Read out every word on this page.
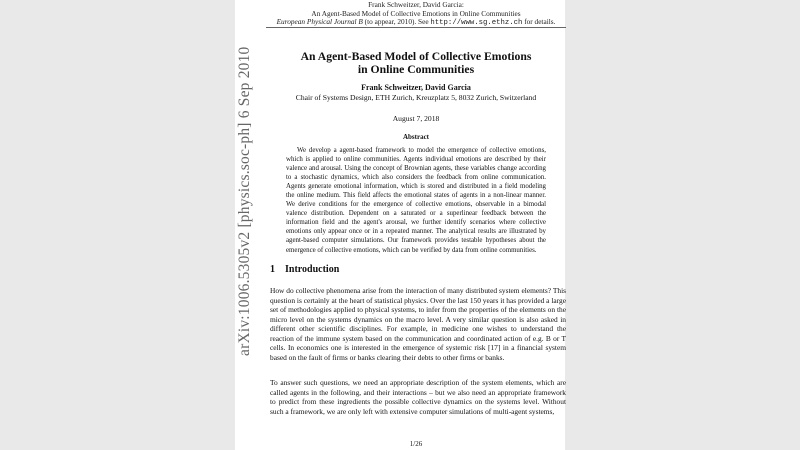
arXiv:1006.5305v2 [physics.soc-ph] 6 Sep 2010
Frank Schweitzer, David Garcia:
An Agent-Based Model of Collective Emotions in Online Communities
European Physical Journal B (to appear, 2010). See http://www.sg.ethz.ch for details.
An Agent-Based Model of Collective Emotions
in Online Communities
Frank Schweitzer, David Garcia
Chair of Systems Design, ETH Zurich, Kreuzplatz 5, 8032 Zurich, Switzerland
August 7, 2018
Abstract
We develop a agent-based framework to model the emergence of collective emotions, which is applied to online communities. Agents individual emotions are described by their valence and arousal. Using the concept of Brownian agents, these variables change according to a stochastic dynamics, which also considers the feedback from online communication. Agents generate emotional information, which is stored and distributed in a field modeling the online medium. This field affects the emotional states of agents in a non-linear manner. We derive conditions for the emergence of collective emotions, observable in a bimodal valence distribution. Dependent on a saturated or a superlinear feedback between the information field and the agent's arousal, we further identify scenarios where collective emotions only appear once or in a repeated manner. The analytical results are illustrated by agent-based computer simulations. Our framework provides testable hypotheses about the emergence of collective emotions, which can be verified by data from online communities.
1 Introduction
How do collective phenomena arise from the interaction of many distributed system elements? This question is certainly at the heart of statistical physics. Over the last 150 years it has provided a large set of methodologies applied to physical systems, to infer from the properties of the elements on the micro level on the systems dynamics on the macro level. A very similar question is also asked in different other scientific disciplines. For example, in medicine one wishes to understand the reaction of the immune system based on the communication and coordinated action of e.g. B or T cells. In economics one is interested in the emergence of systemic risk [17] in a financial system based on the fault of firms or banks clearing their debts to other firms or banks.
To answer such questions, we need an appropriate description of the system elements, which are called agents in the following, and their interactions – but we also need an appropriate framework to predict from these ingredients the possible collective dynamics on the systems level. Without such a framework, we are only left with extensive computer simulations of multi-agent systems,
1/26
